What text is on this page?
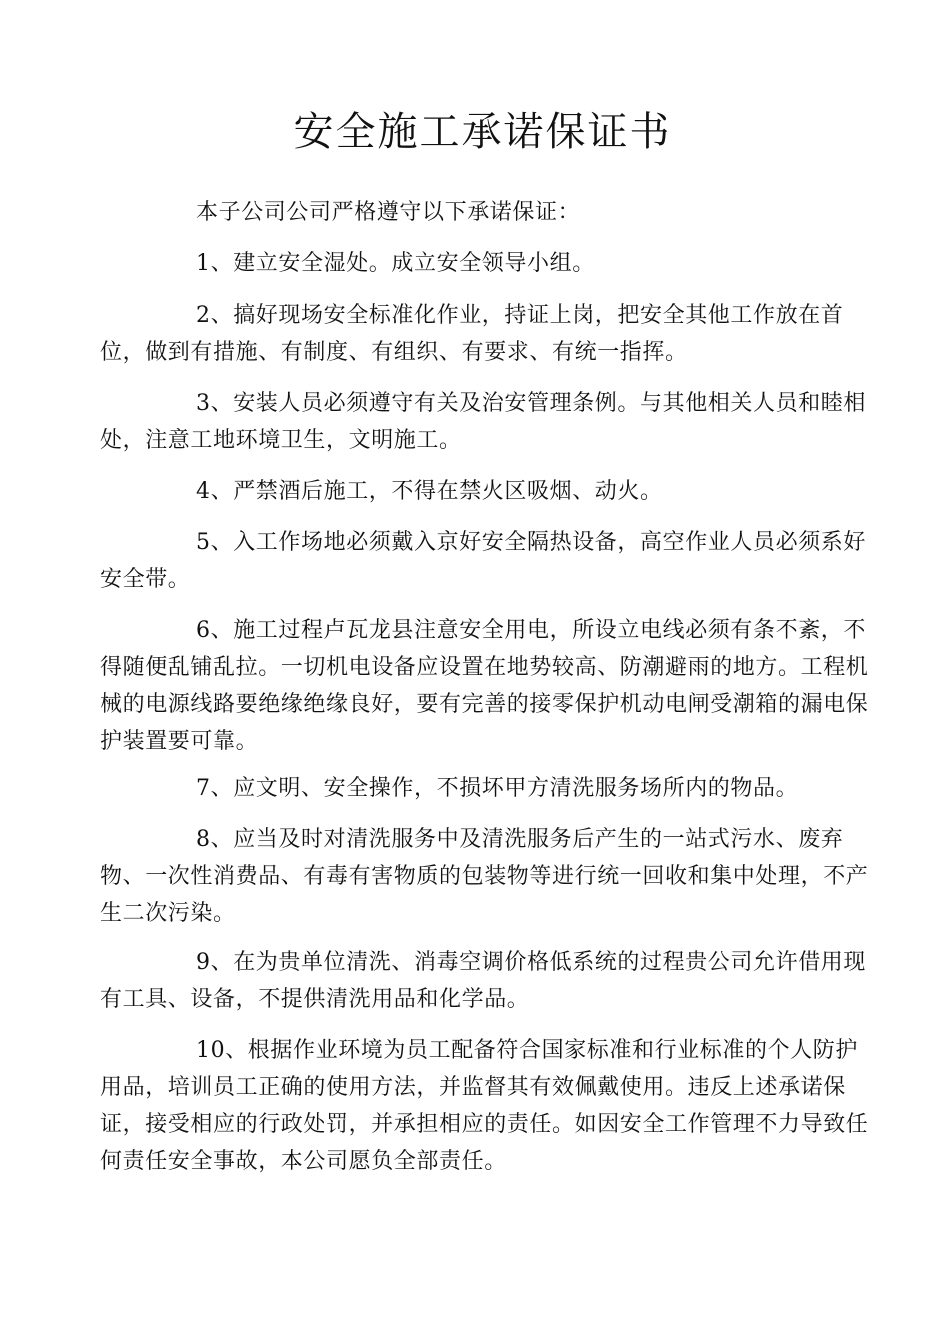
安全施工承诺保证书

本子公司公司严格遵守以下承诺保证：

1、建立安全湿处。成立安全领导小组。

2、搞好现场安全标准化作业，持证上岗，把安全其他工作放在首位，做到有措施、有制度、有组织、有要求、有统一指挥。

3、安装人员必须遵守有关及治安管理条例。与其他相关人员和睦相处，注意工地环境卫生，文明施工。

4、严禁酒后施工，不得在禁火区吸烟、动火。

5、入工作场地必须戴入京好安全隔热设备，高空作业人员必须系好安全带。

6、施工过程卢瓦龙县注意安全用电，所设立电线必须有条不紊，不得随便乱铺乱拉。一切机电设备应设置在地势较高、防潮避雨的地方。工程机械的电源线路要绝缘绝缘良好，要有完善的接零保护机动电闸受潮箱的漏电保护装置要可靠。

7、应文明、安全操作，不损坏甲方清洗服务场所内的物品。

8、应当及时对清洗服务中及清洗服务后产生的一站式污水、废弃物、一次性消费品、有毒有害物质的包装物等进行统一回收和集中处理，不产生二次污染。

9、在为贵单位清洗、消毒空调价格低系统的过程贵公司允许借用现有工具、设备，不提供清洗用品和化学品。

10、根据作业环境为员工配备符合国家标准和行业标准的个人防护用品，培训员工正确的使用方法，并监督其有效佩戴使用。违反上述承诺保证，接受相应的行政处罚，并承担相应的责任。如因安全工作管理不力导致任何责任安全事故，本公司愿负全部责任。
